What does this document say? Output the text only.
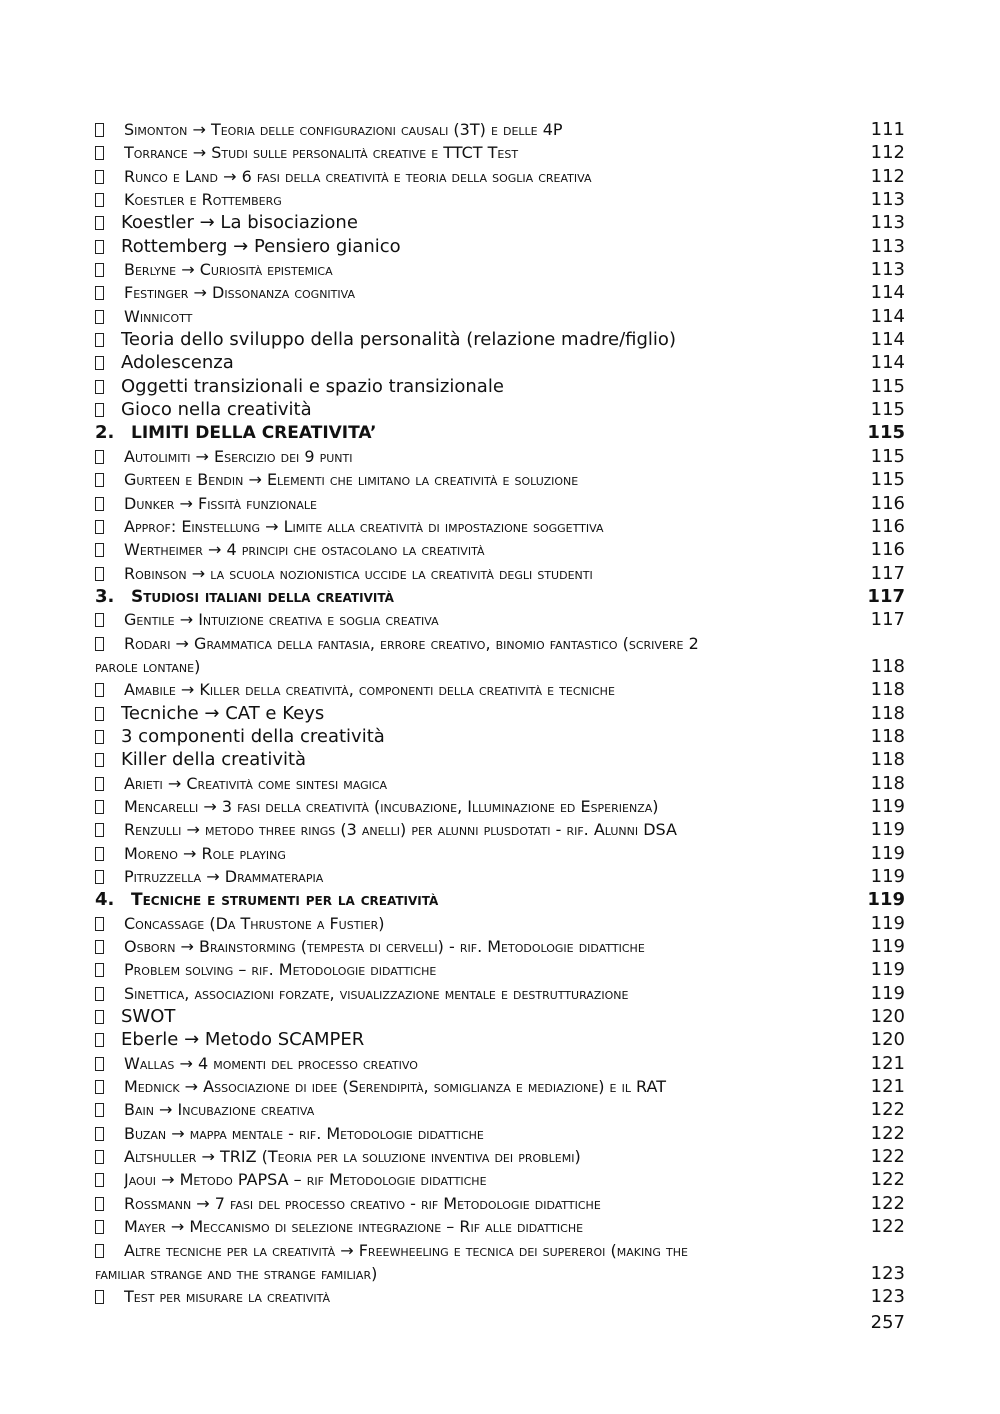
Simonton → Teoria delle configurazioni causali (3T) e delle 4P	111
Torrance → Studi sulle personalità creative e TTCT Test	112
Runco e Land → 6 fasi della creatività e teoria della soglia creativa	112
Koestler e Rottemberg	113
Koestler → La bisociazione	113
Rottemberg → Pensiero gianico	113
Berlyne → Curiosità epistemica	113
Festinger → Dissonanza cognitiva	114
Winnicott	114
Teoria dello sviluppo della personalità (relazione madre/figlio)	114
Adolescenza	114
Oggetti transizionali e spazio transizionale	115
Gioco nella creatività	115
2. LIMITI DELLA CREATIVITA’	115
Autolimiti → Esercizio dei 9 punti	115
Gurteen e Bendin → Elementi che limitano la creatività e soluzione	115
Dunker → Fissità funzionale	116
Approf: Einstellung → Limite alla creatività di impostazione soggettiva	116
Wertheimer → 4 principi che ostacolano la creatività	116
Robinson → la scuola nozionistica uccide la creatività degli studenti	117
3. Studiosi italiani della creatività	117
Gentile → Intuizione creativa e soglia creativa	117
Rodari → Grammatica della fantasia, errore creativo, binomio fantastico (scrivere 2
parole lontane)	118
Amabile → Killer della creatività, componenti della creatività e tecniche	118
Tecniche → CAT e Keys	118
3 componenti della creatività	118
Killer della creatività	118
Arieti → Creatività come sintesi magica	118
Mencarelli → 3 fasi della creatività (incubazione, Illuminazione ed Esperienza)	119
Renzulli → metodo three rings (3 anelli) per alunni plusdotati - rif. Alunni DSA	119
Moreno → Role playing	119
Pitruzzella → Drammaterapia	119
4. Tecniche e strumenti per la creatività	119
Concassage (Da Thrustone a Fustier)	119
Osborn → Brainstorming (tempesta di cervelli) - rif. Metodologie didattiche	119
Problem solving – rif. Metodologie didattiche	119
Sinettica, associazioni forzate, visualizzazione mentale e destrutturazione	119
SWOT	120
Eberle → Metodo SCAMPER	120
Wallas → 4 momenti del processo creativo	121
Mednick → Associazione di idee (Serendipità, somiglianza e mediazione) e il RAT	121
Bain → Incubazione creativa	122
Buzan → mappa mentale - rif. Metodologie didattiche	122
Altshuller → TRIZ (Teoria per la soluzione inventiva dei problemi)	122
Jaoui → Metodo PAPSA – rif Metodologie didattiche	122
Rossmann → 7 fasi del processo creativo - rif Metodologie didattiche	122
Mayer → Meccanismo di selezione integrazione – Rif alle didattiche	122
Altre tecniche per la creatività → Freewheeling e tecnica dei supereroi (making the
familiar strange and the strange familiar)	123
Test per misurare la creatività	123
257
